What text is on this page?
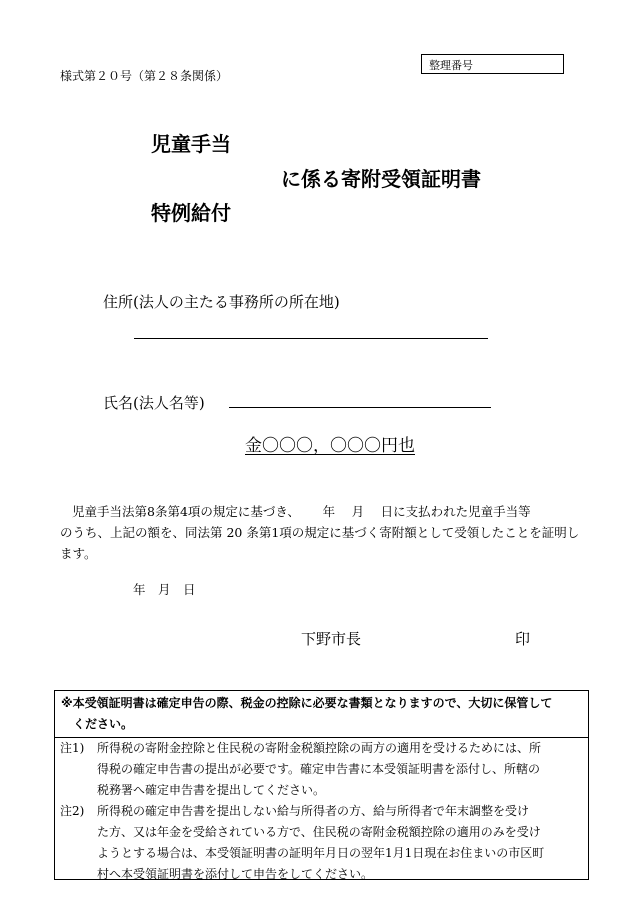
様式第２０号（第２８条関係）
整理番号
児童手当
に係る寄附受領証明書
特例給付
住所(法人の主たる事務所の所在地)
氏名(法人名等)
金〇〇〇，〇〇〇円也

児童手当法第8条第4項の規定に基づき、　　 年　 月　 日に支払われた児童手当等

のうち、上記の額を、同法第 20 条第1項の規定に基づく寄附額として受領したことを証明し

ます。

年　月　日
下野市長	印

※本受領証明書は確定申告の際、税金の控除に必要な書類となりますので、大切に保管して

ください。

注1)	所得税の寄附金控除と住民税の寄附金税額控除の両方の適用を受けるためには、所

得税の確定申告書の提出が必要です。確定申告書に本受領証明書を添付し、所轄の

税務署へ確定申告書を提出してください。

注2)	所得税の確定申告書を提出しない給与所得者の方、給与所得者で年末調整を受け

た方、又は年金を受給されている方で、住民税の寄附金税額控除の適用のみを受け

ようとする場合は、本受領証明書の証明年月日の翌年1月1日現在お住まいの市区町

村へ本受領証明書を添付して申告をしてください。
